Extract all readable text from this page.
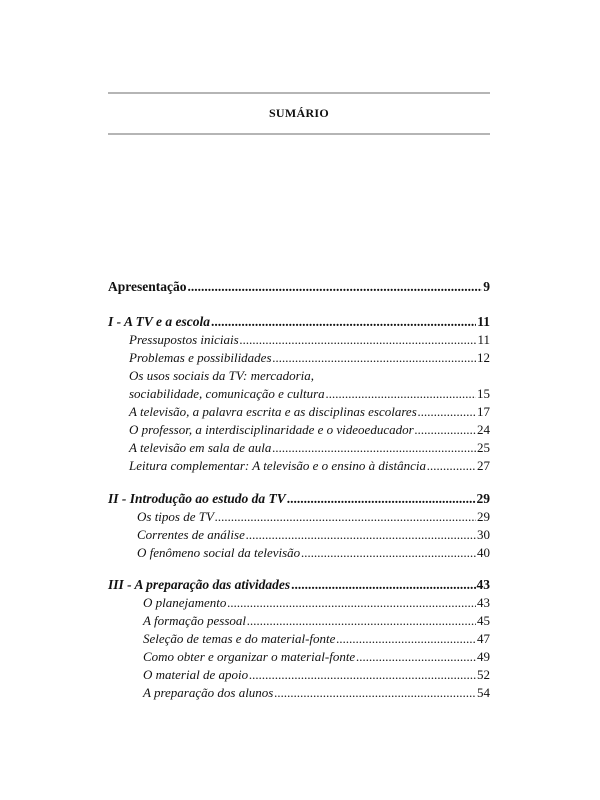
SUMÁRIO
Apresentação .....	9
I - A TV e a escola .....	11
Pressupostos iniciais .....	11
Problemas e possibilidades .....	12
Os usos sociais da TV: mercadoria,
sociabilidade, comunicação e cultura .....	15
A televisão, a palavra escrita e as disciplinas escolares .....	17
O professor, a interdisciplinaridade e o videoeducador .....	24
A televisão em sala de aula .....	25
Leitura complementar: A televisão e o ensino à distância .....	27
II - Introdução ao estudo da TV .....	29
Os tipos de TV .....	29
Correntes de análise .....	30
O fenômeno social da televisão .....	40
III - A preparação das atividades .....	43
O planejamento .....	43
A formação pessoal .....	45
Seleção de temas e do material-fonte .....	47
Como obter e organizar o material-fonte .....	49
O material de apoio .....	52
A preparação dos alunos .....	54
